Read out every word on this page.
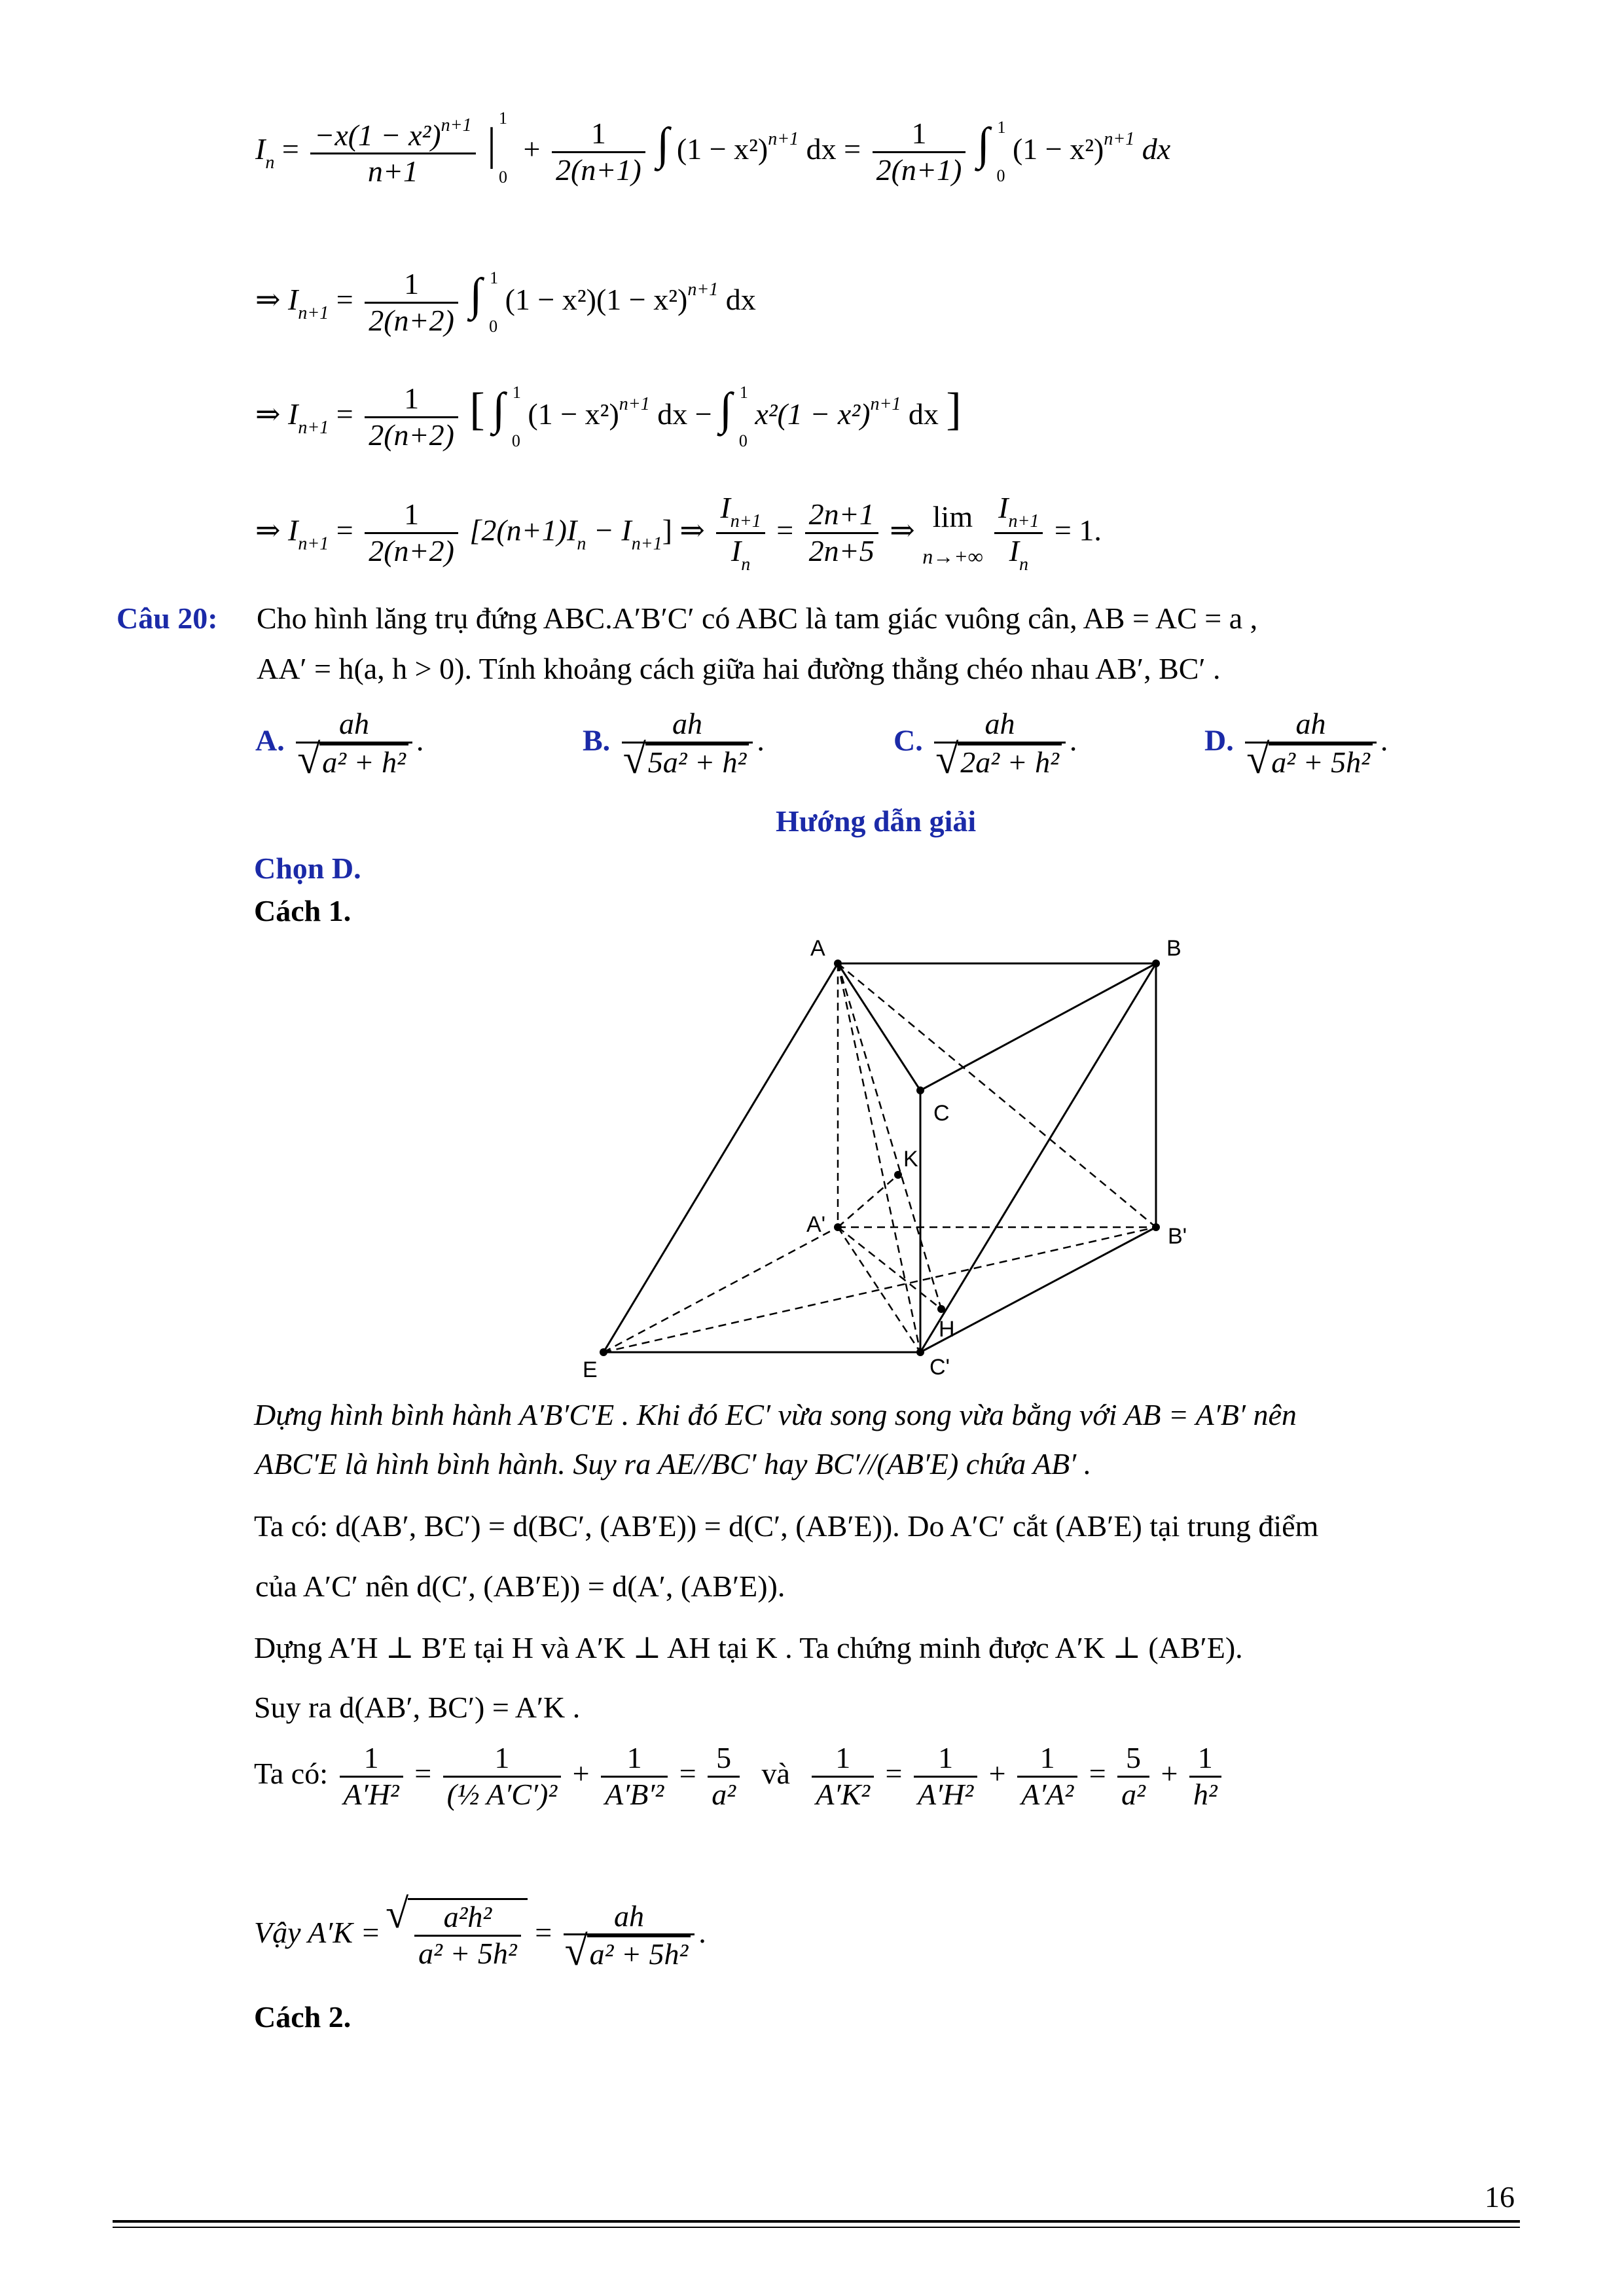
$I_n = \frac{-x(1 - x^2)^{n+1}}{n+1}$ |
1
0
+ $\frac{1}{2(n+1)}$ ∫ $(1 - x^2)^{n+1}$ dx = $\frac{1}{2(n+1)}$ ∫ $^1_0$ $(1 - x^2)^{n+1}$ dx
⇒ $I_{n+1} = \frac{1}{2(n+2)}$ ∫ $^1_0$ $(1 - x^2)(1 - x^2)^{n+1}$ dx
⇒ $I_{n+1} = \frac{1}{2(n+2)}$ [ ∫ $^1_0$ $(1 - x^2)^{n+1}$ dx − ∫ $^1_0$ $x^2(1 - x^2)^{n+1}$ dx ]
⇒ $I_{n+1} = \frac{1}{2(n+2)} [2(n+1)I_n - I_{n+1}]$ ⇒ $\frac{I_{n+1}}{I_n} = \frac{2n+1}{2n+5}$ ⇒ lim
n→+∞
$\frac{I_{n+1}}{I_n} = 1$.
Câu 20: Cho hình lăng trụ đứng ABC.A′B′C′ có ABC là tam giác vuông cân, AB = AC = a ,
AA′ = h(a, h > 0). Tính khoảng cách giữa hai đường thẳng chéo nhau AB′, BC′ .
A. ah
√ a² + h² .	B. ah
√ 5a² + h² .	C. ah
√ 2a² + h² .	D. ah
√ a² + 5h² .
Hướng dẫn giải
Chọn D.
Cách 1.
A	B
C
K
A'	B'
H
E	C'
Dựng hình bình hành A′B′C′E . Khi đó EC′ vừa song song vừa bằng với AB = A′B′ nên
ABC′E là hình bình hành. Suy ra AE//BC′ hay BC′//(AB′E) chứa AB′ .
Ta có: d(AB′, BC′) = d(BC′, (AB′E)) = d(C′, (AB′E)). Do A′C′ cắt (AB′E) tại trung điểm
của A′C′ nên d(C′, (AB′E)) = d(A′, (AB′E)).
Dựng A′H ⊥ B′E tại H và A′K ⊥ AH tại K . Ta chứng minh được A′K ⊥ (AB′E).
Suy ra d(AB′, BC′) = A′K .
Ta có: $\frac{1}{\text{A′H²}} = \frac{1}{\text{(½ A′C′)²}} + \frac{1}{\text{A′B′²}} = \frac{5}{\text{a²}}$ và $\frac{1}{\text{A′K²}} = \frac{1}{\text{A′H²}} + \frac{1}{\text{A′A²}} = \frac{5}{\text{a²}} + \frac{1}{\text{h²}}$
Vậy A′K =
√ $\frac{\text{a²h²}}{\text{a² + 5h²}}$ = ah
√ a² + 5h² .
Cách 2.
16
